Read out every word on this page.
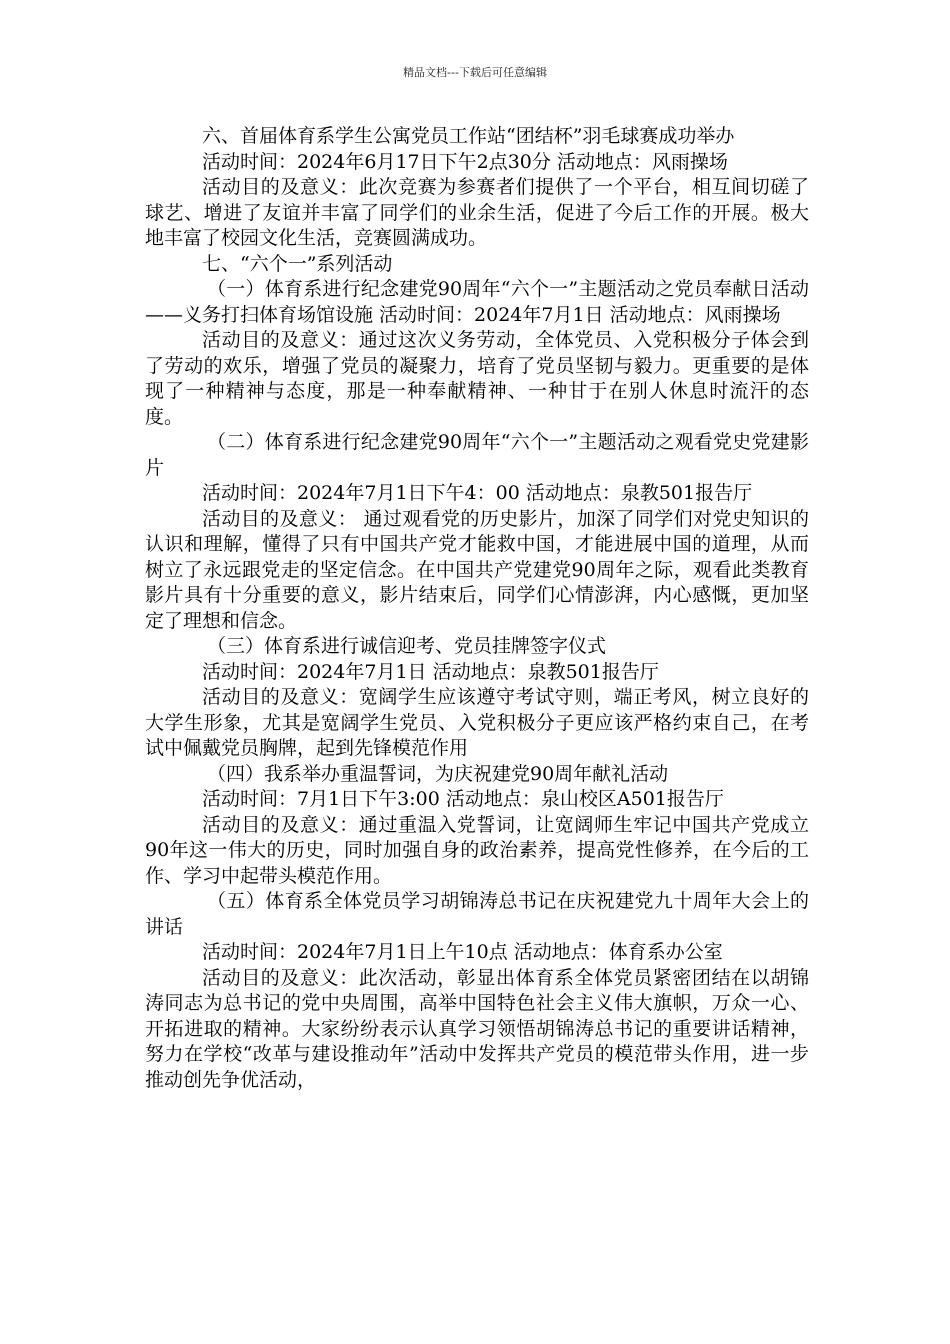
精品文档---下载后可任意编辑

六、首届体育系学生公寓党员工作站“团结杯”羽毛球赛成功举办

活动时间：2024年6月17日下午2点30分 活动地点：风雨操场

活动目的及意义：此次竞赛为参赛者们提供了一个平台，相互间切磋了球艺、增进了友谊并丰富了同学们的业余生活，促进了今后工作的开展。极大地丰富了校园文化生活，竞赛圆满成功。

七、“六个一”系列活动

（一）体育系进行纪念建党90周年“六个一”主题活动之党员奉献日活动——义务打扫体育场馆设施 活动时间：2024年7月1日 活动地点：风雨操场

活动目的及意义：通过这次义务劳动，全体党员、入党积极分子体会到了劳动的欢乐，增强了党员的凝聚力，培育了党员坚韧与毅力。更重要的是体现了一种精神与态度，那是一种奉献精神、一种甘于在别人休息时流汗的态度。

（二）体育系进行纪念建党90周年“六个一”主题活动之观看党史党建影片

活动时间：2024年7月1日下午4：00 活动地点：泉教501报告厅

活动目的及意义： 通过观看党的历史影片，加深了同学们对党史知识的认识和理解，懂得了只有中国共产党才能救中国，才能进展中国的道理，从而树立了永远跟党走的坚定信念。在中国共产党建党90周年之际，观看此类教育影片具有十分重要的意义，影片结束后，同学们心情澎湃，内心感慨，更加坚定了理想和信念。

（三）体育系进行诚信迎考、党员挂牌签字仪式

活动时间：2024年7月1日 活动地点：泉教501报告厅

活动目的及意义：宽阔学生应该遵守考试守则，端正考风，树立良好的大学生形象，尤其是宽阔学生党员、入党积极分子更应该严格约束自己，在考试中佩戴党员胸牌，起到先锋模范作用

（四）我系举办重温誓词，为庆祝建党90周年献礼活动

活动时间：7月1日下午3:00 活动地点：泉山校区A501报告厅

活动目的及意义：通过重温入党誓词，让宽阔师生牢记中国共产党成立90年这一伟大的历史，同时加强自身的政治素养，提高党性修养，在今后的工作、学习中起带头模范作用。

（五）体育系全体党员学习胡锦涛总书记在庆祝建党九十周年大会上的讲话

活动时间：2024年7月1日上午10点 活动地点：体育系办公室

活动目的及意义：此次活动，彰显出体育系全体党员紧密团结在以胡锦涛同志为总书记的党中央周围，高举中国特色社会主义伟大旗帜，万众一心、开拓进取的精神。大家纷纷表示认真学习领悟胡锦涛总书记的重要讲话精神，努力在学校“改革与建设推动年”活动中发挥共产党员的模范带头作用，进一步推动创先争优活动，
